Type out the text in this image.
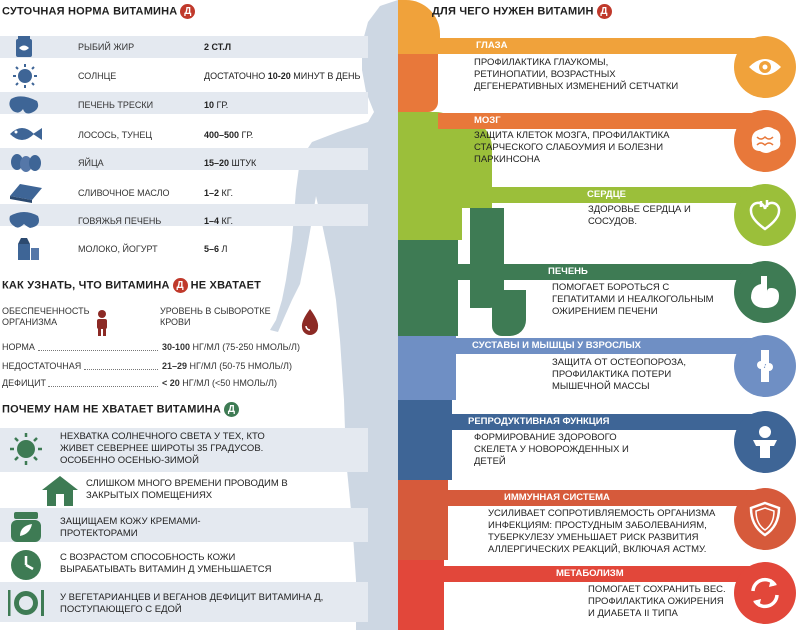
СУТОЧНАЯ НОРМА ВИТАМИНА Д
РЫБИЙ ЖИР	2 СТ.Л
СОЛНЦЕ	ДОСТАТОЧНО 10-20 МИНУТ В ДЕНЬ
ПЕЧЕНЬ ТРЕСКИ	10 ГР.
ЛОСОСЬ, ТУНЕЦ	400–500 ГР.
ЯЙЦА	15–20 ШТУК
СЛИВОЧНОЕ МАСЛО	1–2 КГ.
ГОВЯЖЬЯ ПЕЧЕНЬ	1–4 КГ.
МОЛОКО, ЙОГУРТ	5–6 Л
КАК УЗНАТЬ, ЧТО ВИТАМИНА Д НЕ ХВАТАЕТ
ОБЕСПЕЧЕННОСТЬ ОРГАНИЗМА
УРОВЕНЬ В СЫВОРОТКЕ КРОВИ
НОРМА	30-100 НГ/МЛ (75-250 НМОЛЬ/Л)
НЕДОСТАТОЧНАЯ	21–29 НГ/МЛ (50-75 НМОЛЬ/Л)
ДЕФИЦИТ	< 20 НГ/МЛ (<50 НМОЛЬ/Л)
ПОЧЕМУ НАМ НЕ ХВАТАЕТ ВИТАМИНА Д
НЕХВАТКА СОЛНЕЧНОГО СВЕТА У ТЕХ, КТО ЖИВЕТ СЕВЕРНЕЕ ШИРОТЫ 35 ГРАДУСОВ. ОСОБЕННО ОСЕНЬЮ-ЗИМОЙ
СЛИШКОМ МНОГО ВРЕМЕНИ ПРОВОДИМ В ЗАКРЫТЫХ ПОМЕЩЕНИЯХ
ЗАЩИЩАЕМ КОЖУ КРЕМАМИ-ПРОТЕКТОРАМИ
С ВОЗРАСТОМ СПОСОБНОСТЬ КОЖИ ВЫРАБАТЫВАТЬ ВИТАМИН Д УМЕНЬШАЕТСЯ
У ВЕГЕТАРИАНЦЕВ И ВЕГАНОВ ДЕФИЦИТ ВИТАМИНА Д, ПОСТУПАЮЩЕГО С ЕДОЙ
ДЛЯ ЧЕГО НУЖЕН ВИТАМИН Д
ГЛАЗА
ПРОФИЛАКТИКА ГЛАУКОМЫ, РЕТИНОПАТИИ, ВОЗРАСТНЫХ ДЕГЕНЕРАТИВНЫХ ИЗМЕНЕНИЙ СЕТЧАТКИ
МОЗГ
ЗАЩИТА КЛЕТОК МОЗГА, ПРОФИЛАКТИКА СТАРЧЕСКОГО СЛАБОУМИЯ И БОЛЕЗНИ ПАРКИНСОНА
СЕРДЦЕ
ЗДОРОВЬЕ СЕРДЦА И СОСУДОВ.
ПЕЧЕНЬ
ПОМОГАЕТ БОРОТЬСЯ С ГЕПАТИТАМИ И НЕАЛКОГОЛЬНЫМ ОЖИРЕНИЕМ ПЕЧЕНИ
СУСТАВЫ И МЫШЦЫ У ВЗРОСЛЫХ
ЗАЩИТА ОТ ОСТЕОПОРОЗА, ПРОФИЛАКТИКА ПОТЕРИ МЫШЕЧНОЙ МАССЫ
РЕПРОДУКТИВНАЯ ФУНКЦИЯ
ФОРМИРОВАНИЕ ЗДОРОВОГО СКЕЛЕТА У НОВОРОЖДЕННЫХ И ДЕТЕЙ
ИММУННАЯ СИСТЕМА
УСИЛИВАЕТ СОПРОТИВЛЯЕМОСТЬ ОРГАНИЗМА ИНФЕКЦИЯМ: ПРОСТУДНЫМ ЗАБОЛЕВАНИЯМ, ТУБЕРКУЛЕЗУ УМЕНЬШАЕТ РИСК РАЗВИТИЯ АЛЛЕРГИЧЕСКИХ РЕАКЦИЙ, ВКЛЮЧАЯ АСТМУ.
МЕТАБОЛИЗМ
ПОМОГАЕТ СОХРАНИТЬ ВЕС. ПРОФИЛАКТИКА ОЖИРЕНИЯ И ДИАБЕТА II ТИПА
